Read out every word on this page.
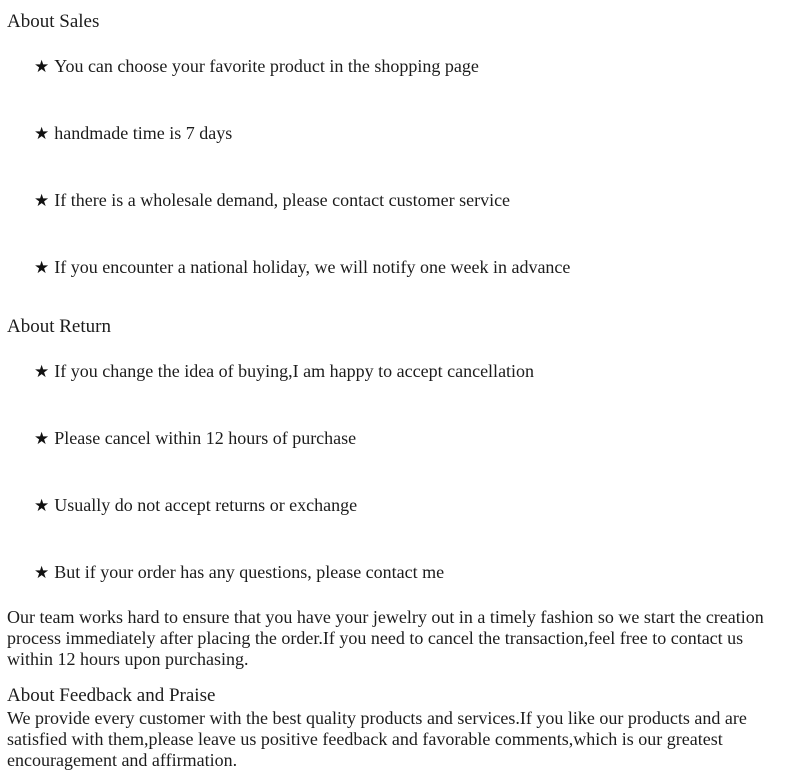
About Sales

★ You can choose your favorite product in the shopping page

★ handmade time is 7 days

★ If there is a wholesale demand, please contact customer service

★ If you encounter a national holiday, we will notify one week in advance

About Return

★ If you change the idea of buying,I am happy to accept cancellation

★ Please cancel within 12 hours of purchase

★ Usually do not accept returns or exchange

★ But if your order has any questions, please contact me

Our team works hard to ensure that you have your jewelry out in a timely fashion so we start the creation
process immediately after placing the order.If you need to cancel the transaction,feel free to contact us
within 12 hours upon purchasing.
About Feedback and Praise
We provide every customer with the best quality products and services.If you like our products and are
satisfied with them,please leave us positive feedback and favorable comments,which is our greatest
encouragement and affirmation.
